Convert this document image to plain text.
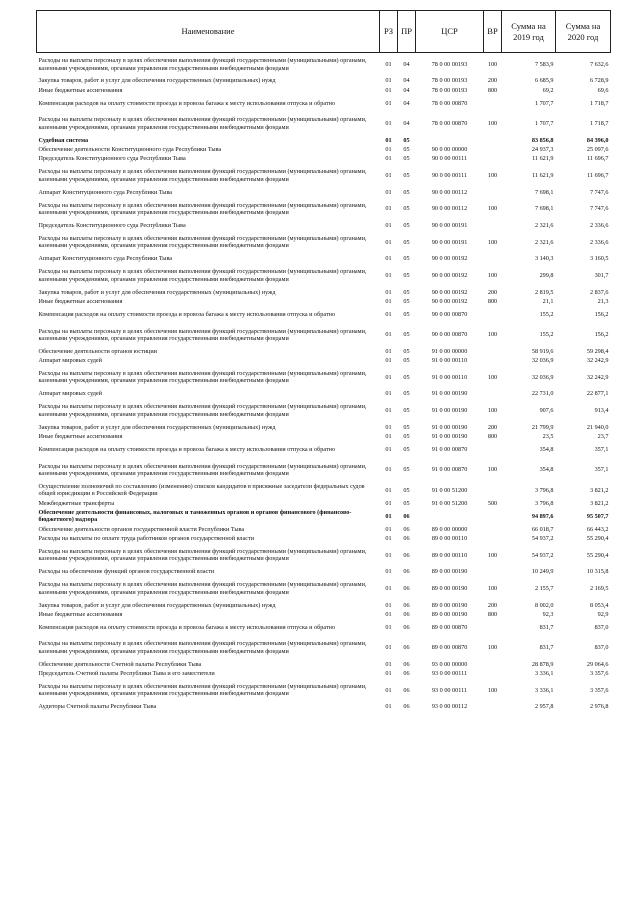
Наименование	РЗ	ПР	ЦСР	ВР	Сумма на 2019 год	Сумма на 2020 год
Расходы на выплаты персоналу в целях обеспечения выполнения функций государственными (муниципальными) органами, казенными учреждениями, органами управления государственными внебюджетными фондами	01	04	78 0 00 00193	100	7 583,9	7 632,6
Закупка товаров, работ и услуг для обеспечения государственных (муниципальных) нужд	01	04	78 0 00 00193	200	6 685,9	6 728,9
Иные бюджетные ассигнования	01	04	78 0 00 00193	800	69,2	69,6
Компенсация расходов на оплату стоимости проезда и провоза багажа к месту использования отпуска и обратно	01	04	78 0 00 00870		1 707,7	1 718,7
Расходы на выплаты персоналу в целях обеспечения выполнения функций государственными (муниципальными) органами, казенными учреждениями, органами управления государственными внебюджетными фондами	01	04	78 0 00 00870	100	1 707,7	1 718,7
Судебная система	01	05			83 856,8	84 396,0
Обеспечение деятельности Конституционного суда Республики Тыва	01	05	90 0 00 00000		24 937,3	25 097,6
Председатель Конституционного суда Республики Тыва	01	05	90 0 00 00111		11 621,9	11 696,7
Расходы на выплаты персоналу в целях обеспечения выполнения функций государственными (муниципальными) органами, казенными учреждениями, органами управления государственными внебюджетными фондами	01	05	90 0 00 00111	100	11 621,9	11 696,7
Аппарат Конституционного суда Республики Тыва	01	05	90 0 00 00112		7 698,1	7 747,6
Расходы на выплаты персоналу в целях обеспечения выполнения функций государственными (муниципальными) органами, казенными учреждениями, органами управления государственными внебюджетными фондами	01	05	90 0 00 00112	100	7 698,1	7 747,6
Председатель Конституционного суда Республики Тыва	01	05	90 0 00 00191		2 321,6	2 336,6
Расходы на выплаты персоналу в целях обеспечения выполнения функций государственными (муниципальными) органами, казенными учреждениями, органами управления государственными внебюджетными фондами	01	05	90 0 00 00191	100	2 321,6	2 336,6
Аппарат Конституционного суда Республики Тыва	01	05	90 0 00 00192		3 140,3	3 160,5
Расходы на выплаты персоналу в целях обеспечения выполнения функций государственными (муниципальными) органами, казенными учреждениями, органами управления государственными внебюджетными фондами	01	05	90 0 00 00192	100	299,8	301,7
Закупка товаров, работ и услуг для обеспечения государственных (муниципальных) нужд	01	05	90 0 00 00192	200	2 819,5	2 837,6
Иные бюджетные ассигнования	01	05	90 0 00 00192	800	21,1	21,3
Компенсация расходов на оплату стоимости проезда и провоза багажа к месту использования отпуска и обратно	01	05	90 0 00 00870		155,2	156,2
Расходы на выплаты персоналу в целях обеспечения выполнения функций государственными (муниципальными) органами, казенными учреждениями, органами управления государственными внебюджетными фондами	01	05	90 0 00 00870	100	155,2	156,2
Обеспечение деятельности органов юстиции	01	05	91 0 00 00000		58 919,6	59 298,4
Аппарат мировых судей	01	05	91 0 00 00110		32 036,9	32 242,9
Расходы на выплаты персоналу в целях обеспечения выполнения функций государственными (муниципальными) органами, казенными учреждениями, органами управления государственными внебюджетными фондами	01	05	91 0 00 00110	100	32 036,9	32 242,9
Аппарат мировых судей	01	05	91 0 00 00190		22 731,0	22 877,1
Расходы на выплаты персоналу в целях обеспечения выполнения функций государственными (муниципальными) органами, казенными учреждениями, органами управления государственными внебюджетными фондами	01	05	91 0 00 00190	100	907,6	913,4
Закупка товаров, работ и услуг для обеспечения государственных (муниципальных) нужд	01	05	91 0 00 00190	200	21 799,9	21 940,0
Иные бюджетные ассигнования	01	05	91 0 00 00190	800	23,5	23,7
Компенсация расходов на оплату стоимости проезда и провоза багажа к месту использования отпуска и обратно	01	05	91 0 00 00870		354,8	357,1
Расходы на выплаты персоналу в целях обеспечения выполнения функций государственными (муниципальными) органами, казенными учреждениями, органами управления государственными внебюджетными фондами	01	05	91 0 00 00870	100	354,8	357,1
Осуществление полномочий по составлению (изменению) списков кандидатов в присяжные заседатели федеральных судов общей юрисдикции в Российской Федерации	01	05	91 0 00 51200		3 796,8	3 821,2
Межбюджетные трансферты	01	05	91 0 00 51200	500	3 796,8	3 821,2
Обеспечение деятельности финансовых, налоговых и таможенных органов и органов финансового (финансово-бюджетного) надзора	01	06			94 897,6	95 507,7
Обеспечение деятельности органов государственной власти Республики Тыва	01	06	89 0 00 00000		66 018,7	66 443,2
Расходы на выплаты по оплате труда работников органов государственной власти	01	06	89 0 00 00110		54 937,2	55 290,4
Расходы на выплаты персоналу в целях обеспечения выполнения функций государственными (муниципальными) органами, казенными учреждениями, органами управления государственными внебюджетными фондами	01	06	89 0 00 00110	100	54 937,2	55 290,4
Расходы на обеспечение функций органов государственной власти	01	06	89 0 00 00190		10 249,9	10 315,8
Расходы на выплаты персоналу в целях обеспечения выполнения функций государственными (муниципальными) органами, казенными учреждениями, органами управления государственными внебюджетными фондами	01	06	89 0 00 00190	100	2 155,7	2 169,5
Закупка товаров, работ и услуг для обеспечения государственных (муниципальных) нужд	01	06	89 0 00 00190	200	8 002,0	8 053,4
Иные бюджетные ассигнования	01	06	89 0 00 00190	800	92,3	92,9
Компенсация расходов на оплату стоимости проезда и провоза багажа к месту использования отпуска и обратно	01	06	89 0 00 00870		831,7	837,0
Расходы на выплаты персоналу в целях обеспечения выполнения функций государственными (муниципальными) органами, казенными учреждениями, органами управления государственными внебюджетными фондами	01	06	89 0 00 00870	100	831,7	837,0
Обеспечение деятельности Счетной палаты Республики Тыва	01	06	93 0 00 00000		28 878,9	29 064,6
Председатель Счетной палаты Республики Тыва и его заместители	01	06	93 0 00 00111		3 336,1	3 357,6
Расходы на выплаты персоналу в целях обеспечения выполнения функций государственными (муниципальными) органами, казенными учреждениями, органами управления государственными внебюджетными фондами	01	06	93 0 00 00111	100	3 336,1	3 357,6
Аудиторы Счетной палаты Республики Тыва	01	06	93 0 00 00112		2 957,8	2 976,8
